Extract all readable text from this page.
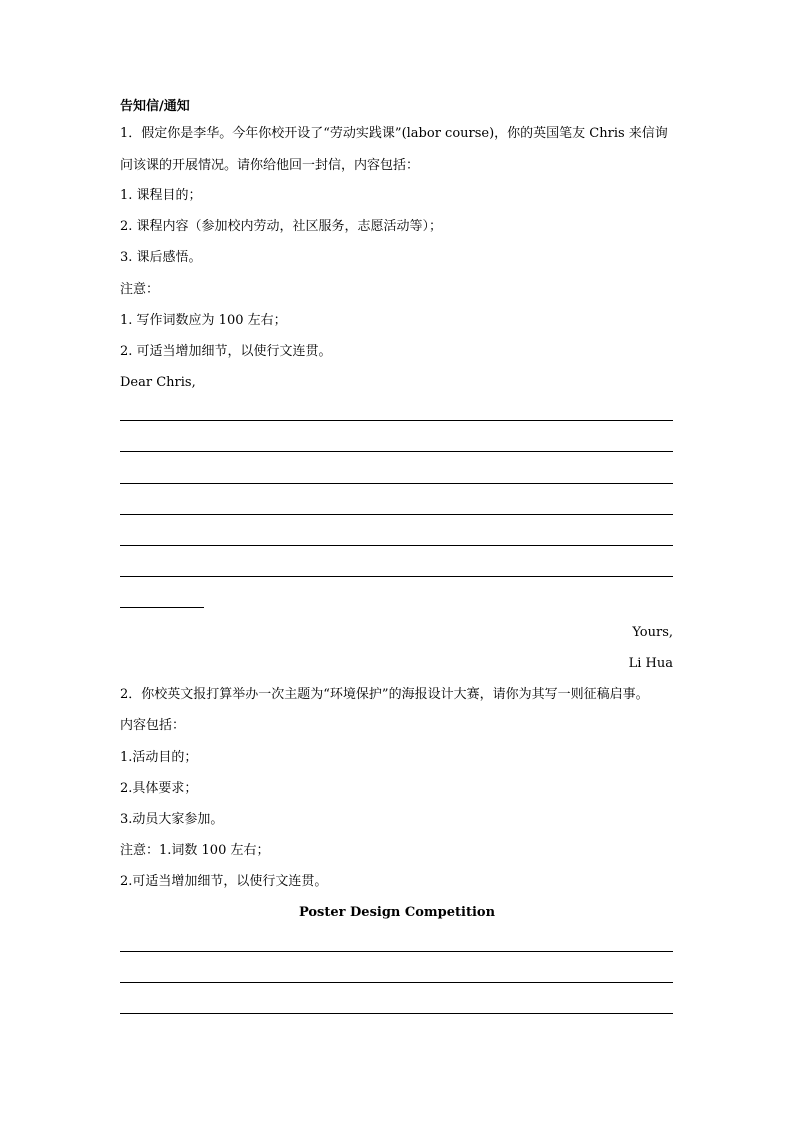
告知信/通知
1．假定你是李华。今年你校开设了“劳动实践课”(labor course)，你的英国笔友 Chris 来信询
问该课的开展情况。请你给他回一封信，内容包括：
1. 课程目的；
2. 课程内容（参加校内劳动，社区服务，志愿活动等）；
3. 课后感悟。
注意：
1. 写作词数应为 100 左右；
2. 可适当增加细节，以使行文连贯。
Dear Chris,
Yours,
Li Hua
2．你校英文报打算举办一次主题为“环境保护”的海报设计大赛，请你为其写一则征稿启事。
内容包括：
1.活动目的；
2.具体要求；
3.动员大家参加。
注意：1.词数 100 左右；
2.可适当增加细节，以使行文连贯。
Poster Design Competition
